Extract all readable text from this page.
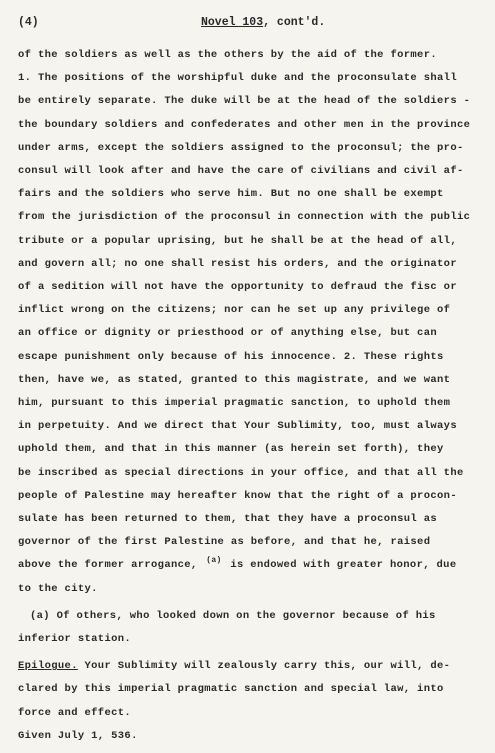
(4)	Novel 103, cont'd.
of the soldiers as well as the others by the aid of the former.
1. The positions of the worshipful duke and the proconsulate shall
be entirely separate. The duke will be at the head of the soldiers -
the boundary soldiers and confederates and other men in the province
under arms, except the soldiers assigned to the proconsul; the pro-
consul will look after and have the care of civilians and civil af-
fairs and the soldiers who serve him. But no one shall be exempt
from the jurisdiction of the proconsul in connection with the public
tribute or a popular uprising, but he shall be at the head of all,
and govern all; no one shall resist his orders, and the originator
of a sedition will not have the opportunity to defraud the fisc or
inflict wrong on the citizens; nor can he set up any privilege of
an office or dignity or priesthood or of anything else, but can
escape punishment only because of his innocence. 2. These rights
then, have we, as stated, granted to this magistrate, and we want
him, pursuant to this imperial pragmatic sanction, to uphold them
in perpetuity. And we direct that Your Sublimity, too, must always
uphold them, and that in this manner (as herein set forth), they
be inscribed as special directions in your office, and that all the
people of Palestine may hereafter know that the right of a procon-
sulate has been returned to them, that they have a proconsul as
governor of the first Palestine as before, and that he, raised
above the former arrogance, $^{(a)}$ is endowed with greater honor, due
to the city.
(a) Of others, who looked down on the governor because of his
inferior station.
Epilogue. Your Sublimity will zealously carry this, our will, de-
clared by this imperial pragmatic sanction and special law, into
force and effect.
Given July 1, 536.
